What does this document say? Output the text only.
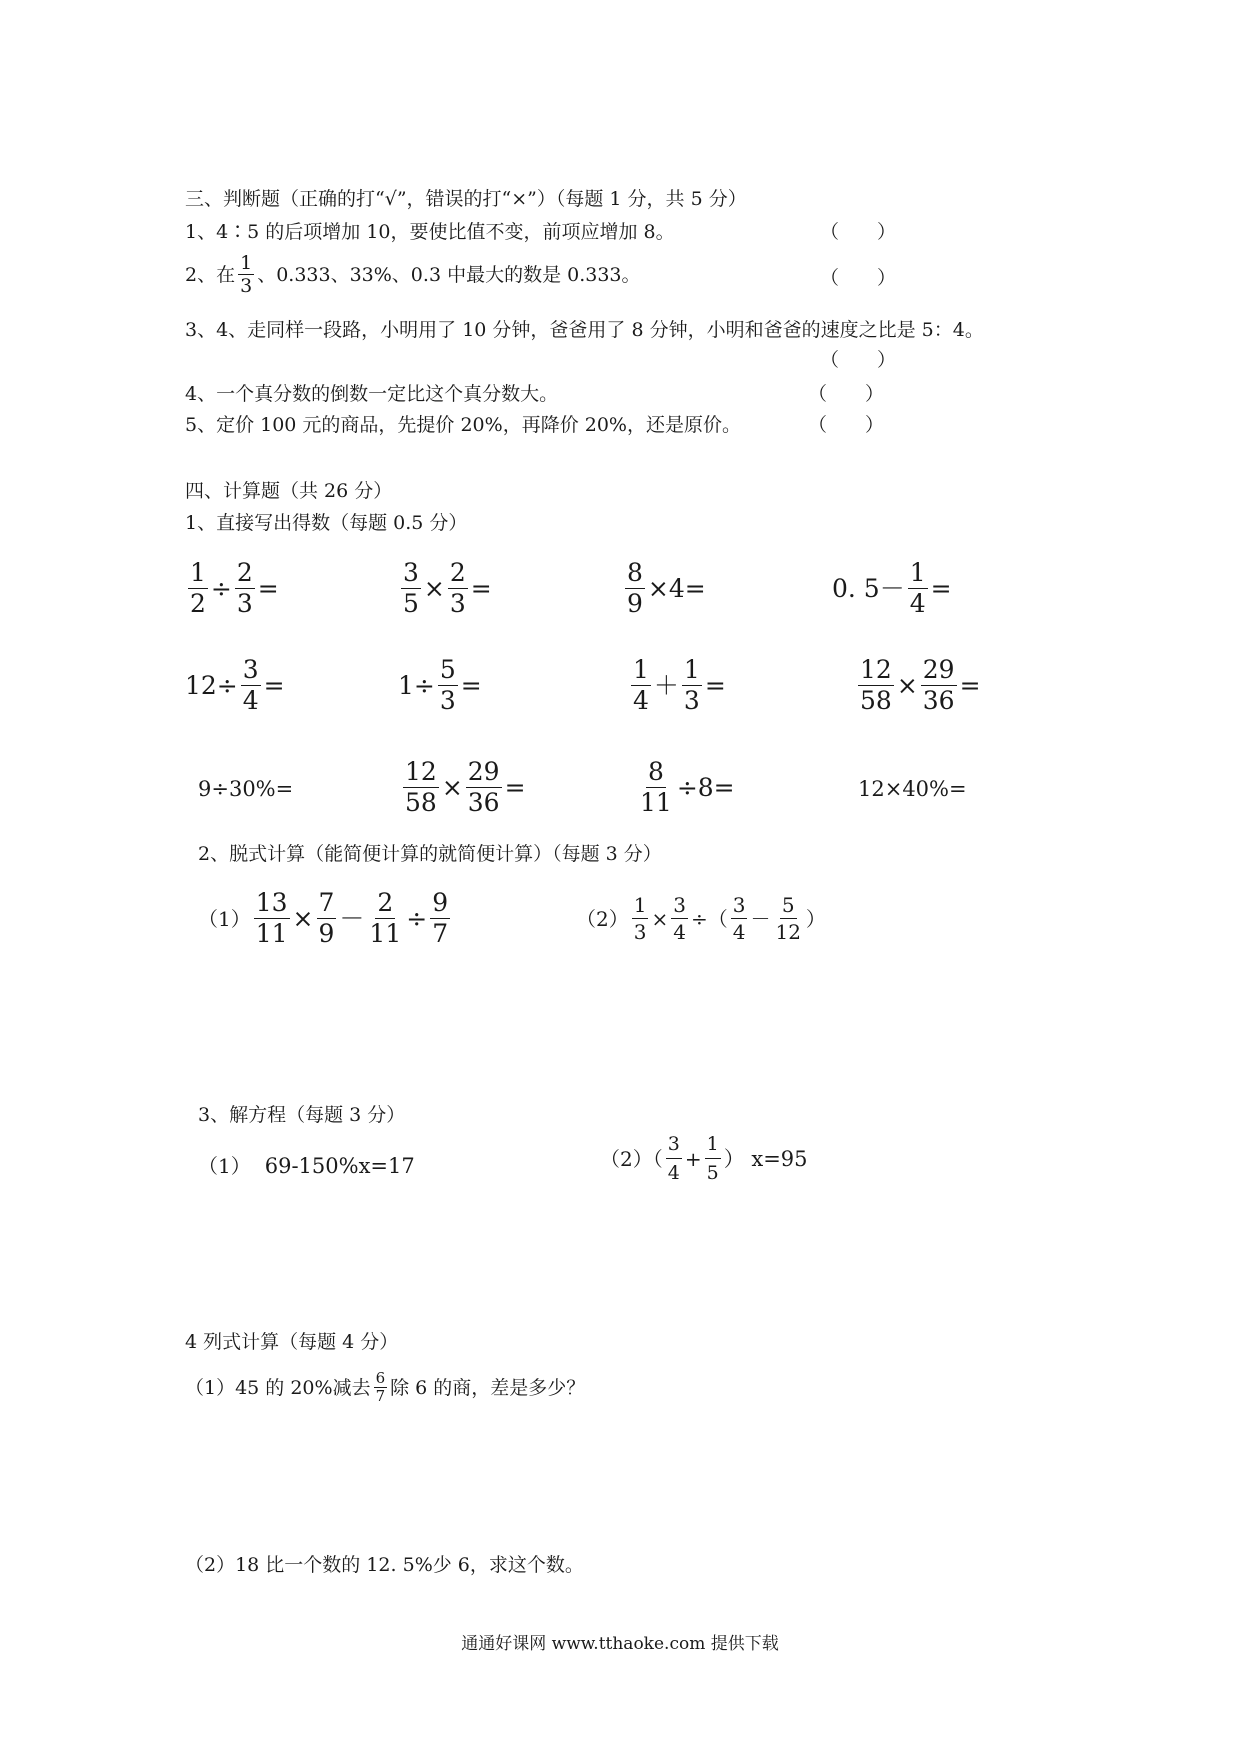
三、判断题（正确的打“√”，错误的打“×”）（每题 1 分，共 5 分）
1、4∶5 的后项增加 10，要使比值不变，前项应增加 8。	（　　）
2、在 $\frac{1}{3}$ 、0.333、33%、0.3 中最大的数是 0.333。	（　　）
3、4、走同样一段路，小明用了 10 分钟，爸爸用了 8 分钟，小明和爸爸的速度之比是 5：4。
（　　）
4、一个真分数的倒数一定比这个真分数大。	（　　）
5、定价 100 元的商品，先提价 20%，再降价 20%，还是原价。	（　　）
四、计算题（共 26 分）
1、直接写出得数（每题 0.5 分）
$\frac{1}{2} \div \frac{2}{3}$ =	$\frac{3}{5} \times \frac{2}{3}$ =	$\frac{8}{9} \times 4=$	0. $5- \frac{1}{4}$ =
$12\div \frac{3}{4}$ =	$1\div \frac{5}{3}$ =	$\frac{1}{4} + \frac{1}{3}$ =	$\frac{12}{58} \times \frac{29}{36}$ =
9÷30%=	$\frac{12}{58} \times \frac{29}{36}$ =	$\frac{8}{11} \div 8=$	12×40%=
2、脱式计算（能简便计算的就简便计算）（每题 3 分）
$(1) \frac{13}{11} \times \frac{7}{9} - \frac{2}{11} \div \frac{9}{7}$	$(2) \frac{1}{3} \times \frac{3}{4}$ ÷（ $\frac{3}{4} - \frac{5}{12}$ ）
3、解方程（每题 3 分）
（1） 69-150%x=17	$(2)( \frac{3}{4} + \frac{1}{5}$ ） x=95
4 列式计算（每题 4 分）
（1）45 的 20%减去 $\frac{6}{7}$ 除 6 的商，差是多少？
（2）18 比一个数的 12. 5%少 6，求这个数。
通通好课网 www.tthaoke.com 提供下载
